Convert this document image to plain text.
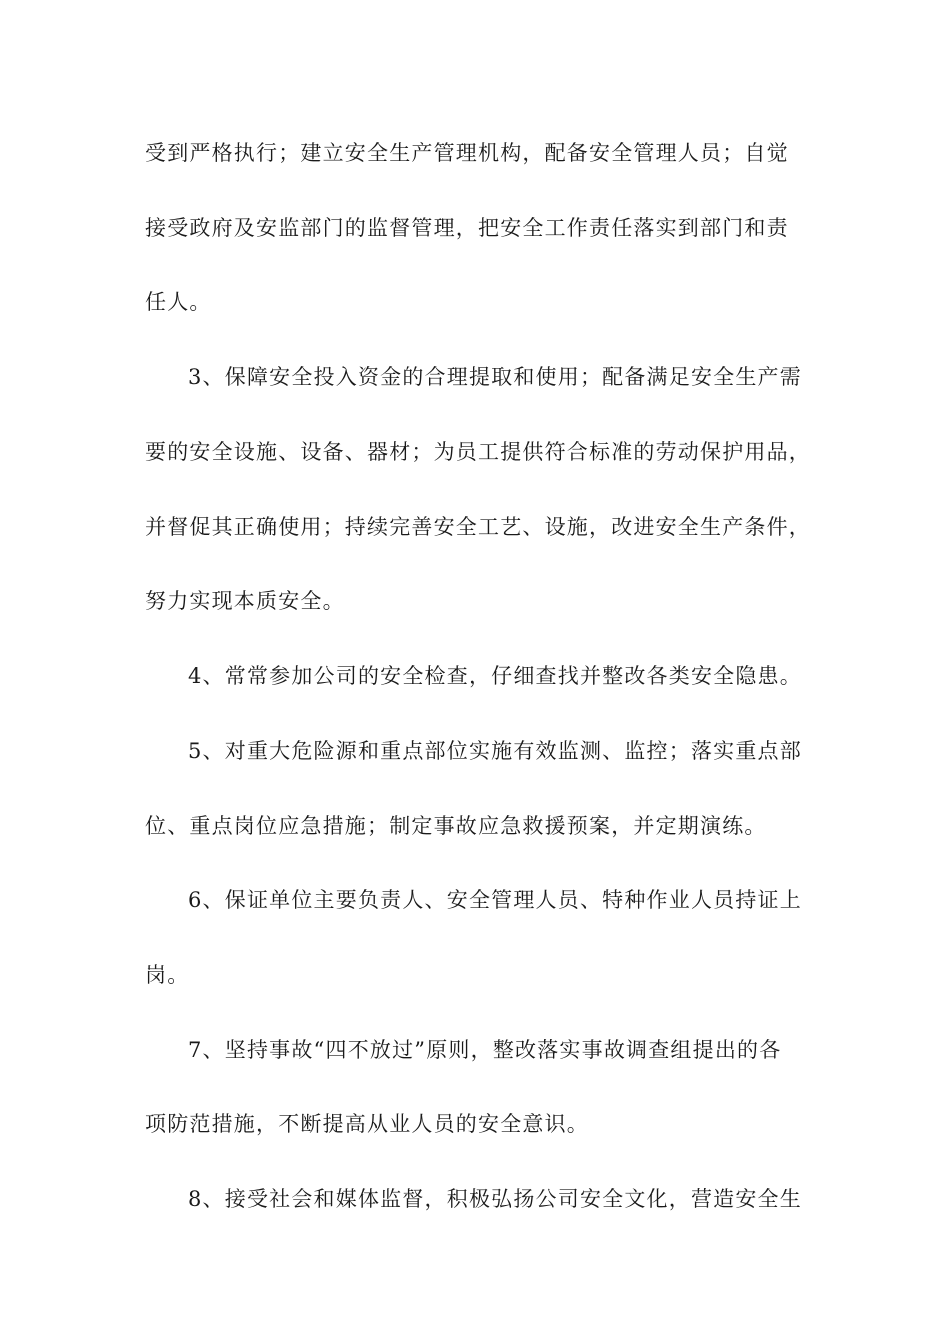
受到严格执行；建立安全生产管理机构，配备安全管理人员；自觉
接受政府及安监部门的监督管理，把安全工作责任落实到部门和责
任人。
3、保障安全投入资金的合理提取和使用；配备满足安全生产需
要的安全设施、设备、器材；为员工提供符合标准的劳动保护用品，
并督促其正确使用；持续完善安全工艺、设施，改进安全生产条件，
努力实现本质安全。
4、常常参加公司的安全检查，仔细查找并整改各类安全隐患。
5、对重大危险源和重点部位实施有效监测、监控；落实重点部
位、重点岗位应急措施；制定事故应急救援预案，并定期演练。
6、保证单位主要负责人、安全管理人员、特种作业人员持证上
岗。
7、坚持事故“四不放过”原则，整改落实事故调查组提出的各
项防范措施，不断提高从业人员的安全意识。
8、接受社会和媒体监督，积极弘扬公司安全文化，营造安全生
